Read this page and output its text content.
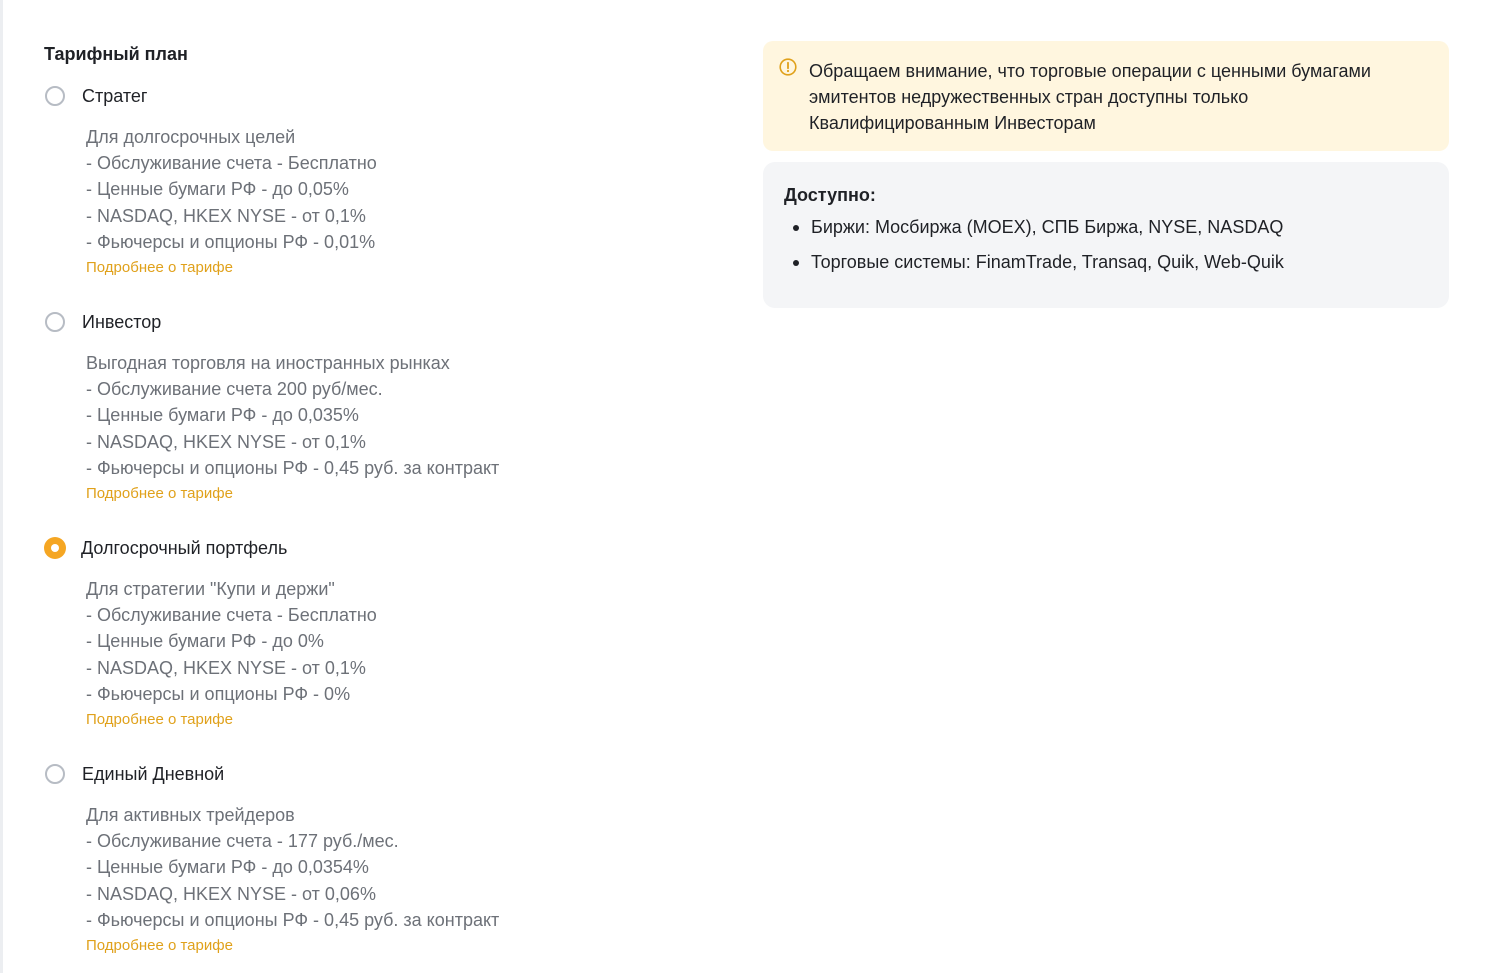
Тарифный план
Стратег
Для долгосрочных целей
- Обслуживание счета - Бесплатно
- Ценные бумаги РФ - до 0,05%
- NASDAQ, HKEX NYSE - от 0,1%
- Фьючерсы и опционы РФ - 0,01%
Подробнее о тарифе
Инвестор
Выгодная торговля на иностранных рынках
- Обслуживание счета 200 руб/мес.
- Ценные бумаги РФ - до 0,035%
- NASDAQ, HKEX NYSE - от 0,1%
- Фьючерсы и опционы РФ - 0,45 руб. за контракт
Подробнее о тарифе
Долгосрочный портфель
Для стратегии "Купи и держи"
- Обслуживание счета - Бесплатно
- Ценные бумаги РФ - до 0%
- NASDAQ, HKEX NYSE - от 0,1%
- Фьючерсы и опционы РФ - 0%
Подробнее о тарифе
Единый Дневной
Для активных трейдеров
- Обслуживание счета - 177 руб./мес.
- Ценные бумаги РФ - до 0,0354%
- NASDAQ, HKEX NYSE - от 0,06%
- Фьючерсы и опционы РФ - 0,45 руб. за контракт
Подробнее о тарифе

Обращаем внимание, что торговые операции с ценными бумагами
эмитентов недружественных стран доступны только
Квалифицированным Инвесторам

Доступно:
Биржи: Мосбиржа (MOEX), СПБ Биржа, NYSE, NASDAQ
Торговые системы: FinamTrade, Transaq, Quik, Web-Quik
